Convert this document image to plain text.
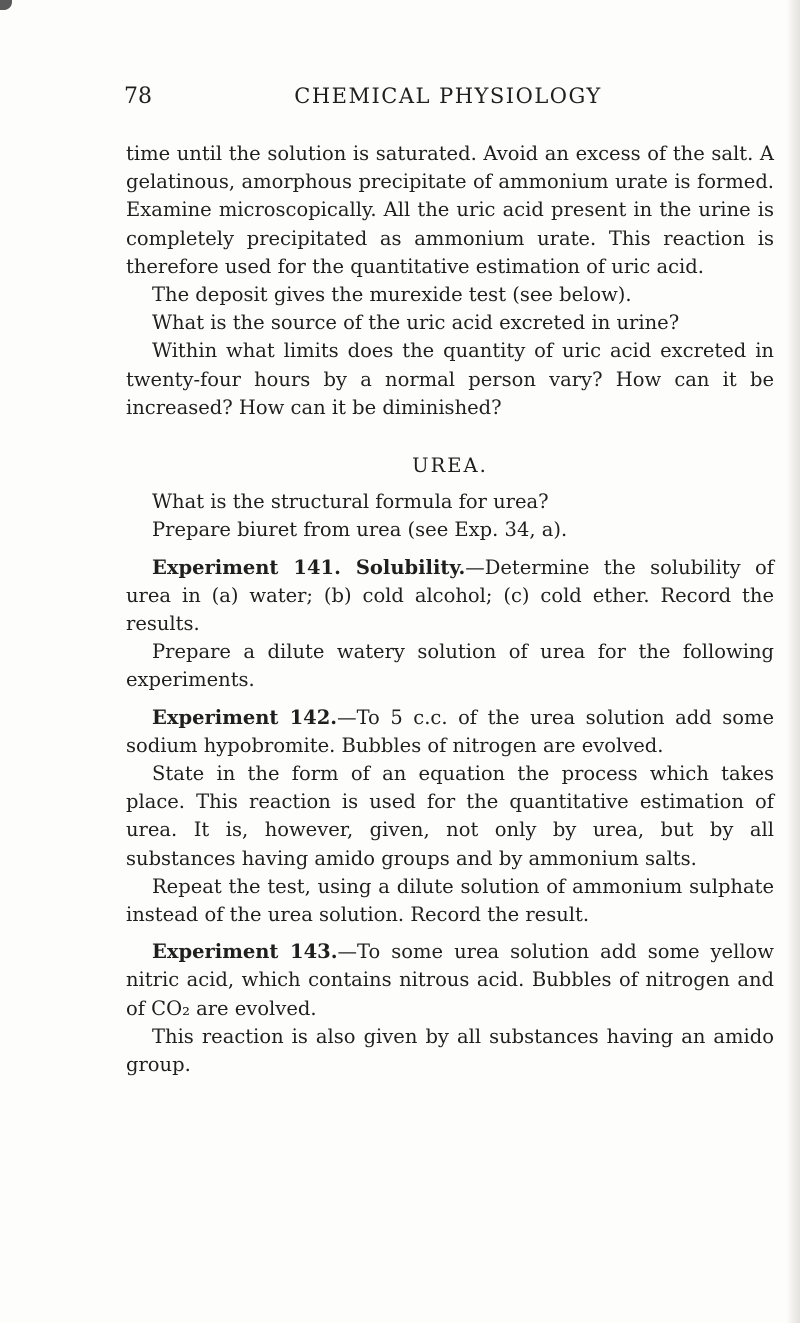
78	CHEMICAL PHYSIOLOGY

time until the solution is saturated. Avoid an excess of the salt. A gelatinous, amorphous precipitate of ammonium urate is formed. Examine microscopically. All the uric acid present in the urine is completely precipitated as ammonium urate. This reaction is therefore used for the quantitative estimation of uric acid.

The deposit gives the murexide test (see below).

What is the source of the uric acid excreted in urine?

Within what limits does the quantity of uric acid excreted in twenty-four hours by a normal person vary? How can it be increased? How can it be diminished?

UREA.

What is the structural formula for urea?

Prepare biuret from urea (see Exp. 34, a).

Experiment 141. Solubility.—Determine the solubility of urea in (a) water; (b) cold alcohol; (c) cold ether. Record the results.

Prepare a dilute watery solution of urea for the following experiments.

Experiment 142.—To 5 c.c. of the urea solution add some sodium hypobromite. Bubbles of nitrogen are evolved.

State in the form of an equation the process which takes place. This reaction is used for the quantitative estimation of urea. It is, however, given, not only by urea, but by all substances having amido groups and by ammonium salts.

Repeat the test, using a dilute solution of ammonium sulphate instead of the urea solution. Record the result.

Experiment 143.—To some urea solution add some yellow nitric acid, which contains nitrous acid. Bubbles of nitrogen and of CO₂ are evolved.

This reaction is also given by all substances having an amido group.
